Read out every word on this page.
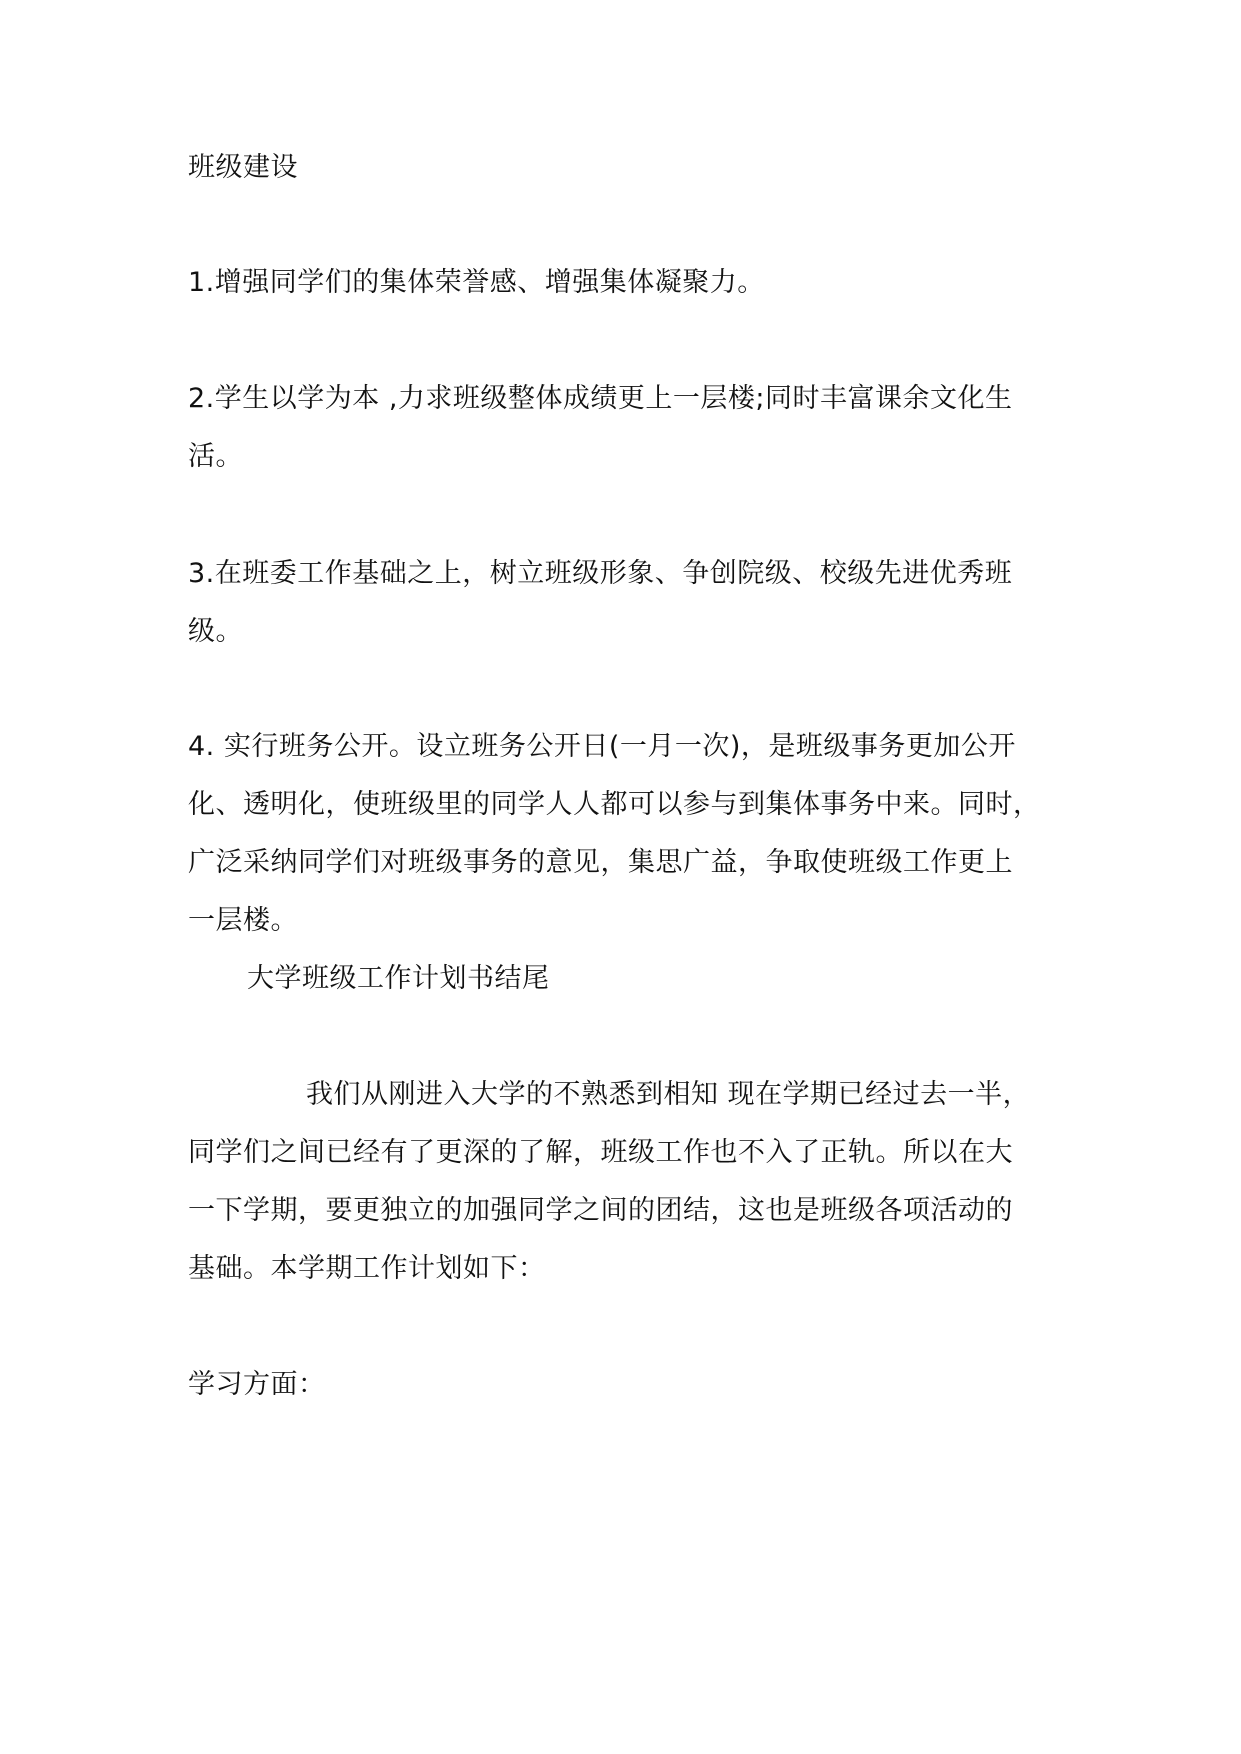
班级建设

1.增强同学们的集体荣誉感、增强集体凝聚力。

2.学生以学为本 ,力求班级整体成绩更上一层楼;同时丰富课余文化生

活。

3.在班委工作基础之上，树立班级形象、争创院级、校级先进优秀班

级。

4. 实行班务公开。设立班务公开日(一月一次)，是班级事务更加公开

化、透明化，使班级里的同学人人都可以参与到集体事务中来。同时，

广泛采纳同学们对班级事务的意见，集思广益，争取使班级工作更上

一层楼。

大学班级工作计划书结尾

我们从刚进入大学的不熟悉到相知 现在学期已经过去一半，

同学们之间已经有了更深的了解，班级工作也不入了正轨。所以在大

一下学期，要更独立的加强同学之间的团结，这也是班级各项活动的

基础。本学期工作计划如下：

学习方面：
